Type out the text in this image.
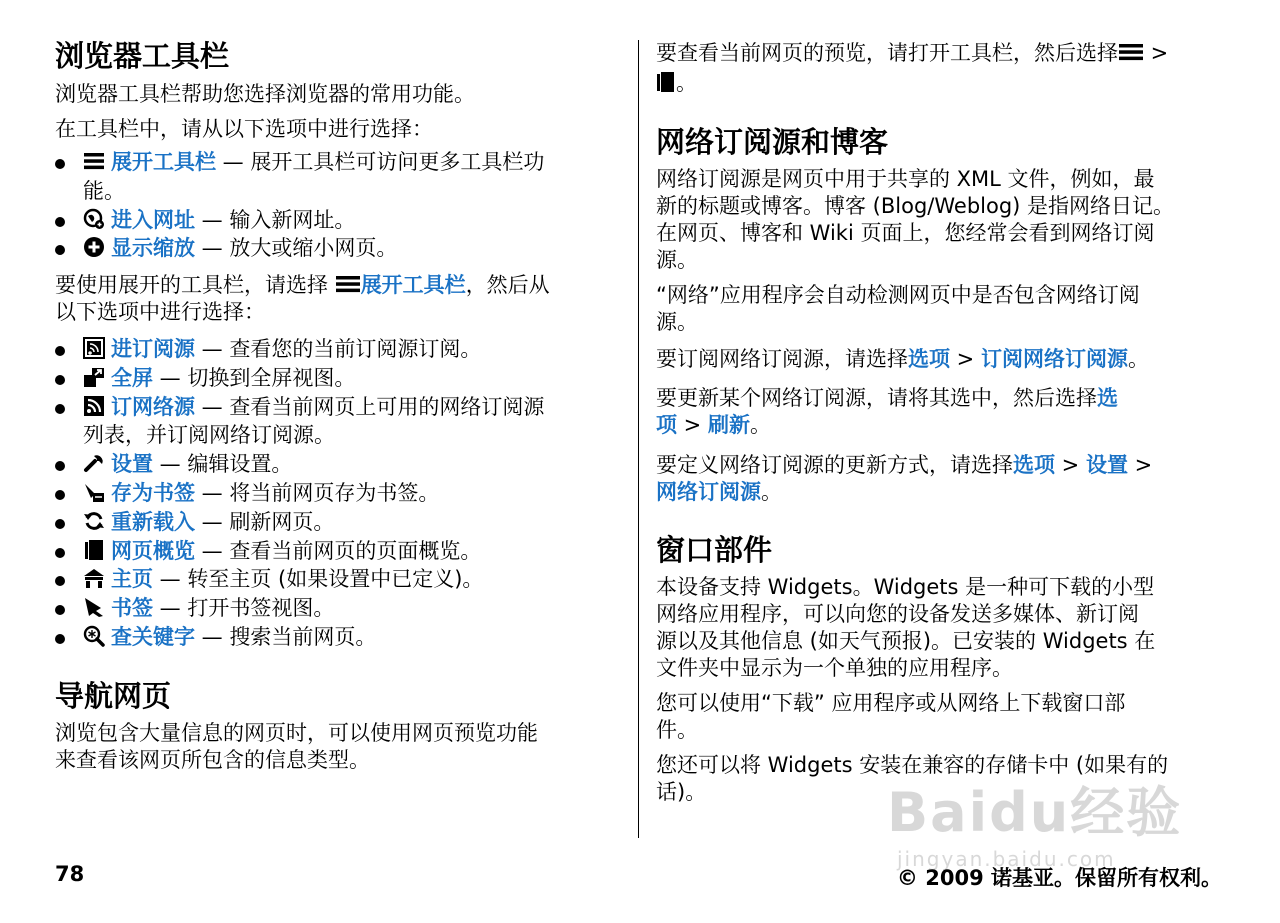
浏览器工具栏

浏览器工具栏帮助您选择浏览器的常用功能。

在工具栏中，请从以下选项中进行选择：

展开工具栏 — 展开工具栏可访问更多工具栏功
能。
进入网址 — 输入新网址。
显示缩放 — 放大或缩小网页。

要使用展开的工具栏，请选择
展开工具栏，然后从

以下选项中进行选择：

进订阅源 — 查看您的当前订阅源订阅。
全屏 — 切换到全屏视图。
订网络源 — 查看当前网页上可用的网络订阅源
列表，并订阅网络订阅源。
设置 — 编辑设置。
存为书签 — 将当前网页存为书签。
重新载入 — 刷新网页。
网页概览 — 查看当前网页的页面概览。
主页 — 转至主页 (如果设置中已定义)。
书签 — 打开书签视图。
查关键字 — 搜索当前网页。
导航网页

浏览包含大量信息的网页时，可以使用网页预览功能

来查看该网页所包含的信息类型。

要查看当前网页的预览，请打开工具栏，然后选择
>

。

网络订阅源和博客

网络订阅源是网页中用于共享的 XML 文件，例如，最

新的标题或博客。博客 (Blog/Weblog) 是指网络日记。

在网页、博客和 Wiki 页面上，您经常会看到网络订阅

源。

“网络”应用程序会自动检测网页中是否包含网络订阅

源。

要订阅网络订阅源，请选择选项 > 订阅网络订阅源。

要更新某个网络订阅源，请将其选中，然后选择选

项 > 刷新。

要定义网络订阅源的更新方式，请选择选项 > 设置 >

网络订阅源。

窗口部件

本设备支持 Widgets。Widgets 是一种可下载的小型

网络应用程序，可以向您的设备发送多媒体、新订阅

源以及其他信息 (如天气预报)。已安装的 Widgets 在

文件夹中显示为一个单独的应用程序。

您可以使用“下载” 应用程序或从网络上下载窗口部

件。

您还可以将 Widgets 安装在兼容的存储卡中 (如果有的

话)。	Baidu经验
jingyan.baidu.com
78	© 2009 诺基亚。保留所有权利。
